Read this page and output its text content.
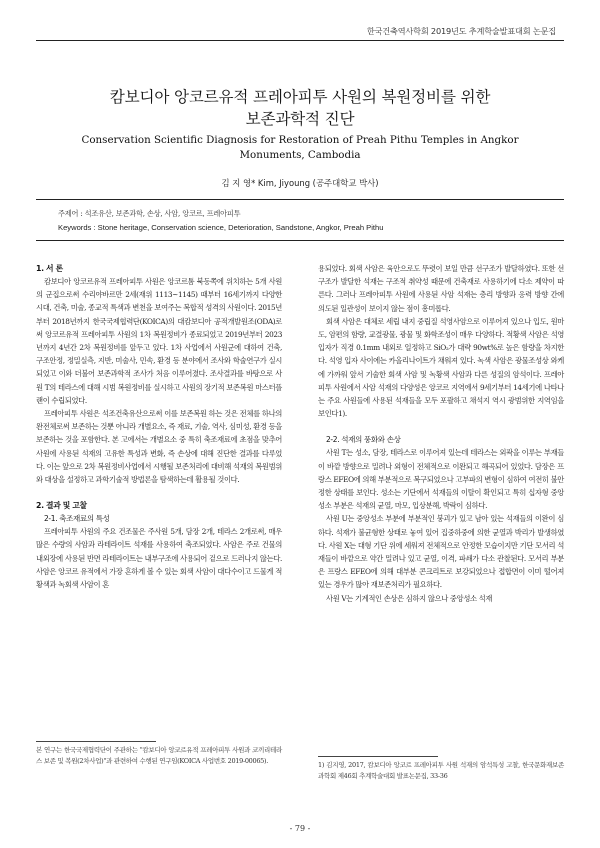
한국건축역사학회 2019년도 추계학술발표대회 논문집
캄보디아 앙코르유적 프레아피투 사원의 복원정비를 위한
보존과학적 진단
Conservation Scientific Diagnosis for Restoration of Preah Pithu Temples in Angkor
Monuments, Cambodia
김 지 영* Kim, Jiyoung (공주대학교 박사)
주제어 : 석조유산, 보존과학, 손상, 사암, 앙코르, 프레아피투
Keywords : Stone heritage, Conservation science, Deterioration, Sandstone, Angkor, Preah Pithu

1. 서 론

캄보디아 앙코르유적 프레아피투 사원은 앙코르톰 북동쪽에 위치하는 5개 사원의 군집으로써 수리야바르만 2세(재위 1113~1145) 때부터 16세기까지 다양한 시대, 건축, 미술, 종교적 특색과 변천을 보여주는 복합적 성격의 사원이다. 2015년부터 2018년까지 한국국제협력단(KOICA)의 대캄보디아 공적개발원조(ODA)로써 앙코르유적 프레아피투 사원의 1차 복원정비가 종료되었고 2019년부터 2023년까지 4년간 2차 복원정비를 앞두고 있다. 1차 사업에서 사원군에 대하여 건축, 구조안정, 정밀실측, 지반, 미술사, 민속, 환경 등 분야에서 조사와 학술연구가 실시되었고 이와 더불어 보존과학적 조사가 처음 이루어졌다. 조사결과를 바탕으로 사원 T의 테라스에 대해 시범 복원정비를 실시하고 사원의 장기적 보존복원 마스터플랜이 수립되었다.

프레아피투 사원은 석조건축유산으로써 이를 보존복원 하는 것은 전체를 하나의 완전체로써 보존하는 것뿐 아니라 개별요소, 즉 재료, 기술, 역사, 심미성, 환경 등을 보존하는 것을 포함한다. 본 고에서는 개별요소 중 특히 축조재료에 초점을 맞추어 사원에 사용된 석재의 고유한 특성과 변화, 즉 손상에 대해 진단한 결과를 다루었다. 이는 앞으로 2차 복원정비사업에서 시행될 보존처리에 대비해 석재의 복원범위와 대상을 설정하고 과학기술적 방법론을 탐색하는데 활용될 것이다.

2. 결과 및 고찰

2-1. 축조재료의 특성

프레아피투 사원의 주요 건조물은 주사원 5개, 담장 2개, 테라스 2개로써, 매우 많은 수량의 사암과 라테라이트 석재를 사용하여 축조되었다. 사암은 주로 건물의 내외장에 사용된 반면 라테라이트는 내부구조에 사용되어 겉으로 드러나지 않는다. 사암은 앙코르 유적에서 가장 흔하게 볼 수 있는 회색 사암이 대다수이고 드물게 적황색과 녹회색 사암이 혼

본 연구는 한국국제협력단이 주관하는 "캄보디아 앙코르유적 프레아피투 사원과 코끼리테라스 보존 및 복원(2차사업)"과 관련하여 수행된 연구임(KOICA 사업번호 2019-00065).

용되었다. 회색 사암은 육안으로도 뚜렷이 보일 만큼 선구조가 발달하였다. 또한 선구조가 발달한 석재는 구조적 취약성 때문에 건축재로 사용하기에 다소 제약이 따른다. 그러나 프레아피투 사원에 사용된 사암 석재는 층리 방향과 응력 방향 간에 의도된 일관성이 보이지 않는 점이 흥미롭다.

회색 사암은 대체로 세립 내지 중립질 석영사암으로 이루어져 있으나 입도, 원마도, 암편의 함량, 교결광물, 광물 및 화학조성이 매우 다양하다. 적황색 사암은 석영 입자가 직경 0.1mm 내외로 일정하고 SiO₂가 대략 90wt%로 높은 함량을 차지한다. 석영 입자 사이에는 카올리나이트가 채워져 있다. 녹색 사암은 광물조성상 와케에 가까워 앞서 기술한 회색 사암 및 녹황색 사암과 다른 성질의 암석이다. 프레아피투 사원에서 사암 석재의 다양성은 앙코르 지역에서 9세기부터 14세기에 나타나는 주요 사원들에 사용된 석재들을 모두 포괄하고 채석지 역시 광범위한 지역임을 보인다1).

2-2. 석재의 풍화와 손상

사원 T는 성소, 담장, 테라스로 이루어져 있는데 테라스는 외곽을 이루는 부재들이 바깥 방향으로 밀려나 외형이 전체적으로 이완되고 해곡되어 있었다. 담장은 프랑스 EFEO에 의해 부분적으로 복구되었으나 고부파의 변형이 심하여 여전히 불안정한 상태를 보인다. 성소는 기단에서 석재들의 이탈이 확인되고 특히 십자형 중앙성소 부분은 석재의 균열, 마모, 입상분해, 박락이 심하다.

사원 U는 중앙성소 부분에 부분적인 붕괴가 있고 남아 있는 석재들의 이완이 심하다. 석재가 불균형한 상태로 놓여 있어 집중하중에 의한 균열과 박리가 발생하였다. 사원 X는 대형 기단 위에 세워져 전체적으로 안정한 모습이지만 기단 모서리 석재들이 바깥으로 약간 밀려나 있고 균열, 이격, 파쇄가 다소 관찰된다. 모서리 부분은 프랑스 EFEO에 의해 대부분 콘크리트로 보강되었으나 접합면이 이미 떨어져 있는 경우가 많아 재보존처리가 필요하다.

사원 V는 기계적인 손상은 심하지 않으나 중앙성소 석재

1) 김지영, 2017, 캄보디아 앙코르 프레아피투 사원 석재의 암석특성 고찰, 한국문화재보존과학회 제46회 추계학술대회 발표논문집, 33-36
- 79 -
